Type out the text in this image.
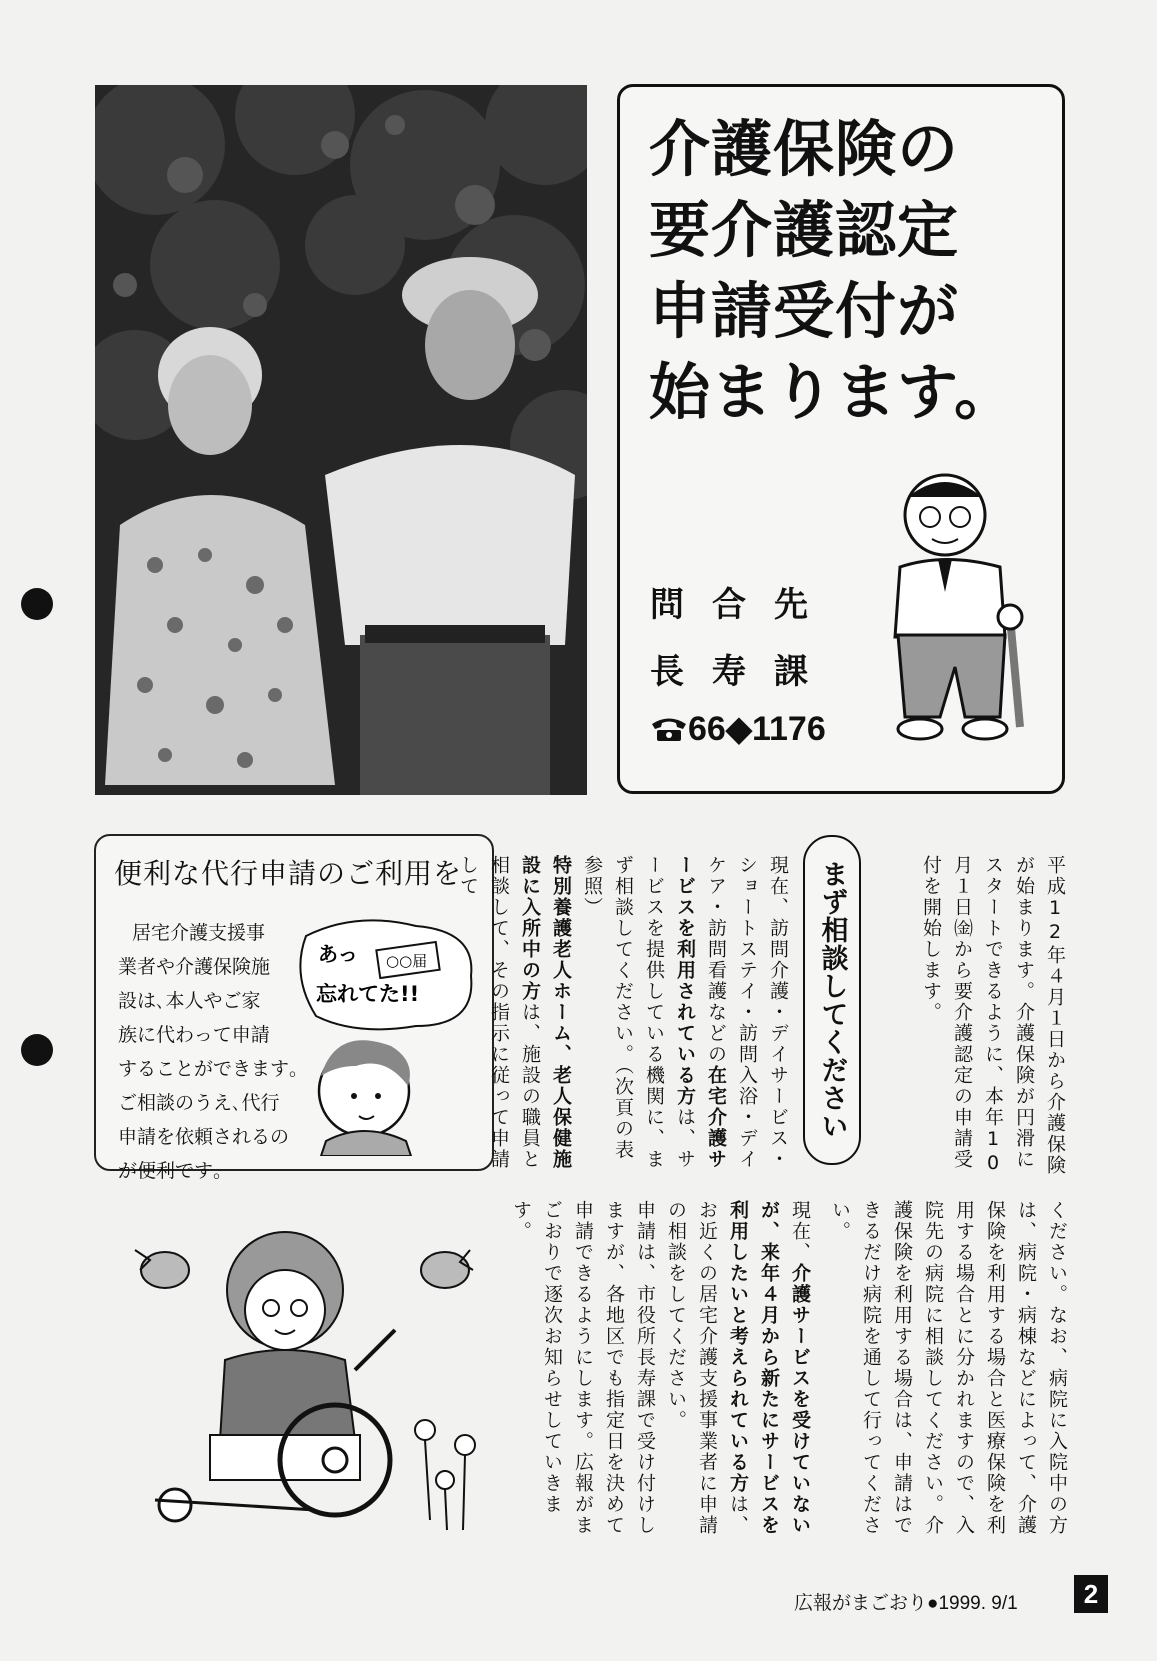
介護保険の
要介護認定
申請受付が
始まります。
問合先
長寿課
66◆1176
便利な代行申請のご利用を
居宅介護支援事
業者や介護保険施
設は､本人やご家
族に代わって申請
することができます｡
ご相談のうえ､代行
申請を依頼されるの
が便利です｡
○○届
あっ
忘れてた!!	平成12年４月１日から介護保険が始まります。介護保険が円滑にスタートできるように、本年10月１日㈮から要介護認定の申請受付を開始します。
まず相談してください
現在、訪問介護・デイサービス・ショートステイ・訪問入浴・デイケア・訪問看護などの在宅介護サービスを利用されている方は、サービスを提供している機関に、まず相談してください。（次頁の表参照）
特別養護老人ホーム、老人保健施設に入所中の方は、施設の職員と相談して、その指示に従って申請して
ください。なお、病院に入院中の方は、病院・病棟などによって、介護保険を利用する場合と医療保険を利用する場合とに分かれますので、入院先の病院に相談してください。介護保険を利用する場合は、申請はできるだけ病院を通して行ってください。
現在、介護サービスを受けていないが、来年４月から新たにサービスを利用したいと考えられている方は、お近くの居宅介護支援事業者に申請の相談をしてください。
申請は、市役所長寿課で受け付けしますが、各地区でも指定日を決めて申請できるようにします。広報がまごおりで逐次お知らせしていきます。
広報がまごおり●1999. 9/1	2
